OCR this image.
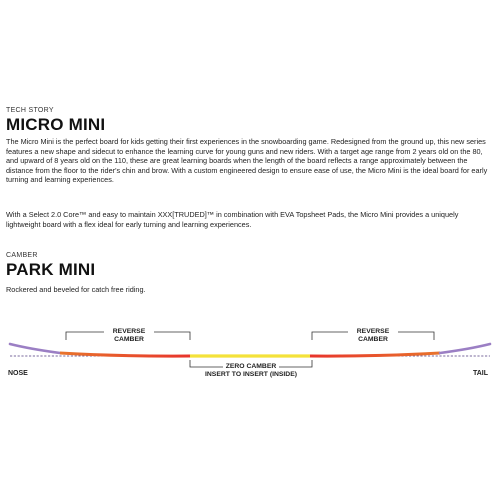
TECH STORY
MICRO MINI

The Micro Mini is the perfect board for kids getting their first experiences in the snowboarding game. Redesigned from the ground up, this new series features a new shape and sidecut to enhance the learning curve for young guns and new riders. With a target age range from 2 years old on the 80, and upward of 8 years old on the 110, these are great learning boards when the length of the board reflects a range approximately between the distance from the floor to the rider's chin and brow. With a custom engineered design to ensure ease of use, the Micro Mini is the ideal board for early turning and learning experiences.

With a Select 2.0 Core™ and easy to maintain XXX[TRUDED]™ in combination with EVA Topsheet Pads, the Micro Mini provides a uniquely lightweight board with a flex ideal for early turning and learning experiences.

CAMBER
PARK MINI

Rockered and beveled for catch free riding.

REVERSE
CAMBER
REVERSE
CAMBER
ZERO CAMBER
INSERT TO INSERT (INSIDE)
NOSE	TAIL
